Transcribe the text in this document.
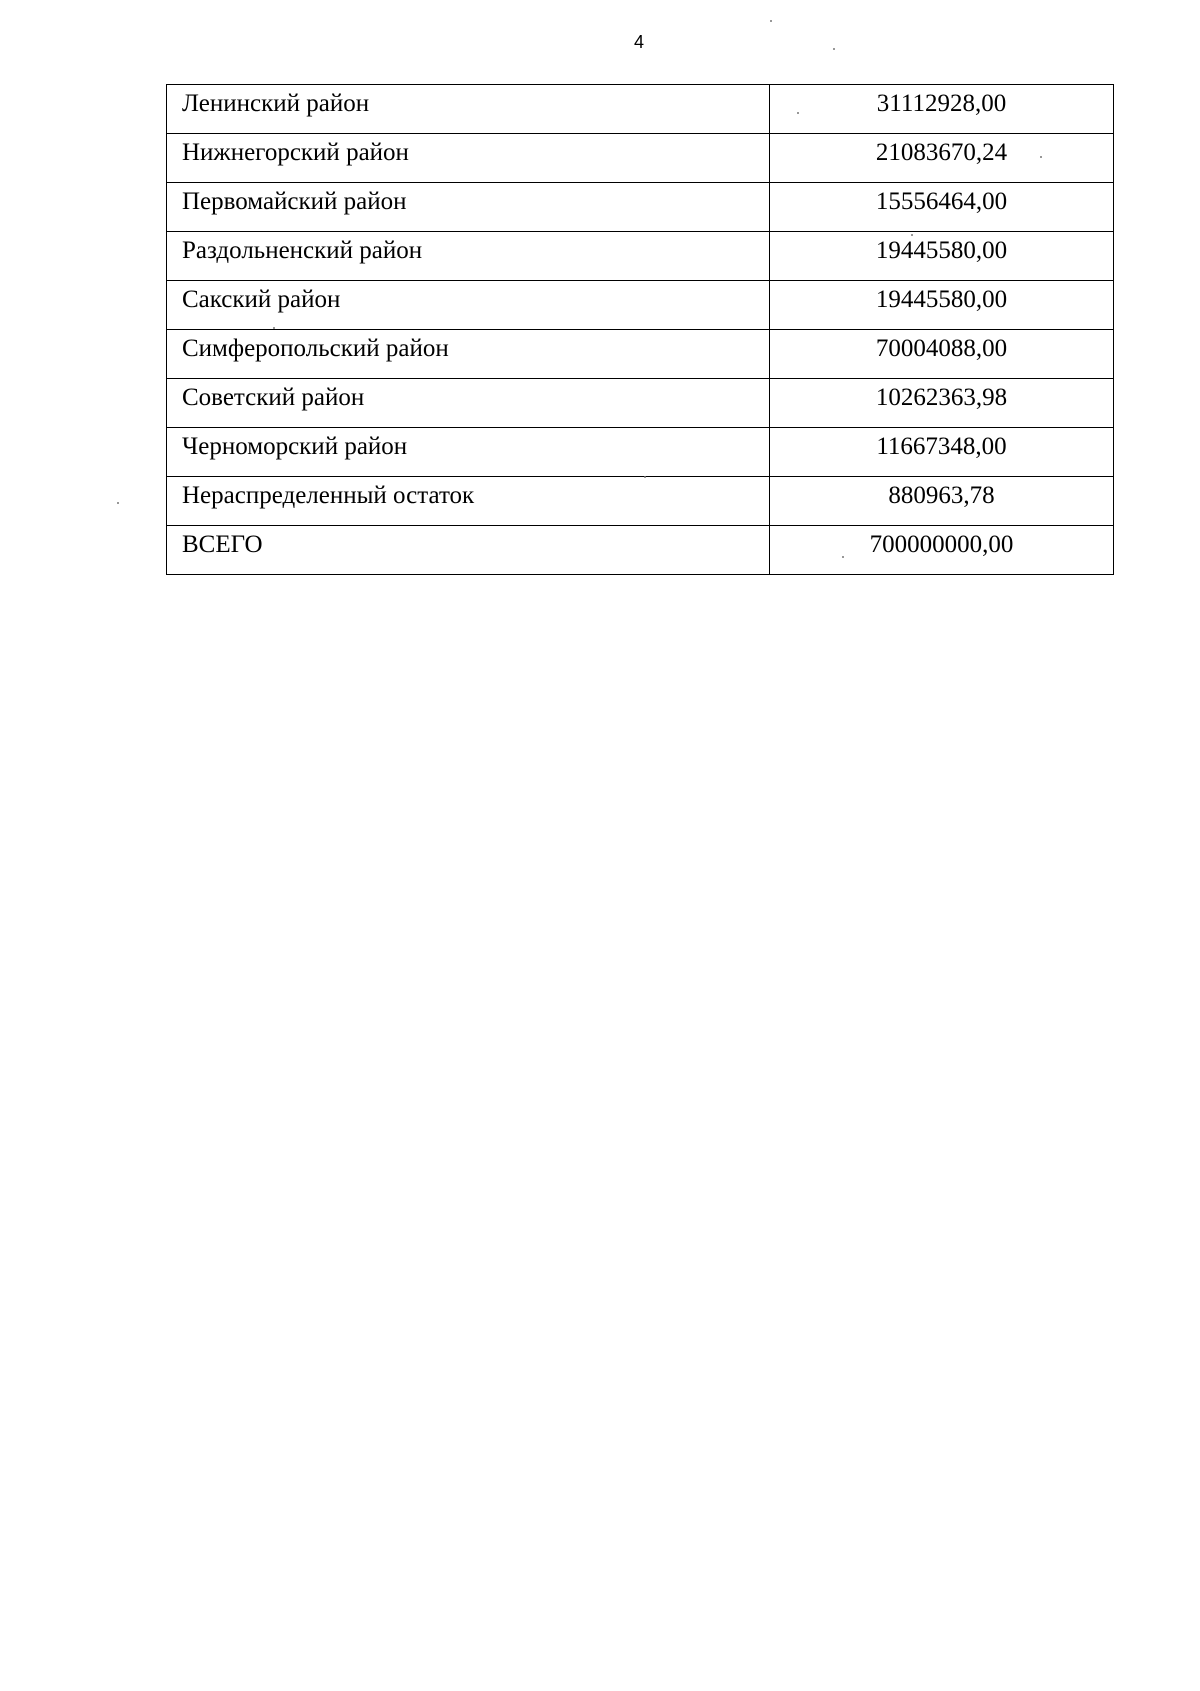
4
Ленинский район	31112928,00
Нижнегорский район	21083670,24
Первомайский район	15556464,00
Раздольненский район	19445580,00
Сакский район	19445580,00
Симферопольский район	70004088,00
Советский район	10262363,98
Черноморский район	11667348,00
Нераспределенный остаток	880963,78
ВСЕГО	700000000,00
